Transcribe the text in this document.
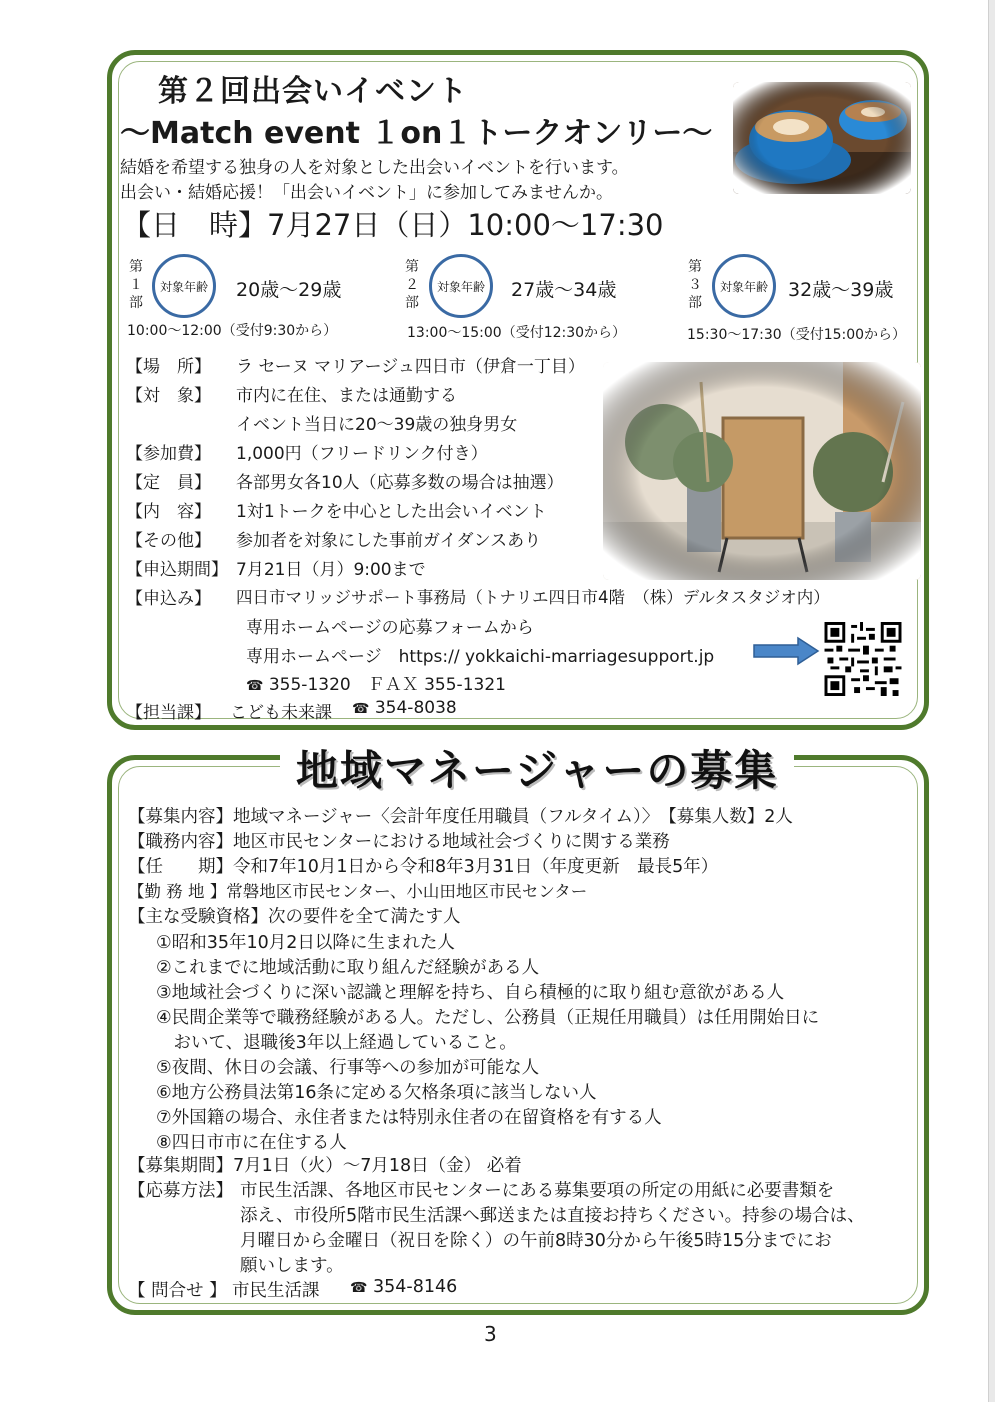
第２回出会いイベント
～Match event １on１トークオンリー～
結婚を希望する独身の人を対象とした出会いイベントを行います。
出会い・結婚応援！「出会いイベント」に参加してみませんか。
【日　時】7月27日（日）10:00～17:30
第１部
対象年齢	20歳～29歳
10:00～12:00（受付9:30から）
第２部
対象年齢	27歳～34歳
13:00～15:00（受付12:30から）
第３部
対象年齢	32歳～39歳
15:30～17:30（受付15:00から）
【場　所】 ラ セーヌ マリアージュ四日市（伊倉一丁目）
【対　象】 市内に在住、または通勤する
イベント当日に20～39歳の独身男女
【参加費】 1,000円（フリードリンク付き）
【定　員】 各部男女各10人（応募多数の場合は抽選）
【内　容】 1対1トークを中心とした出会いイベント
【その他】 参加者を対象にした事前ガイダンスあり
【申込期間】 7月21日（月）9:00まで
【申込み】 四日市マリッジサポート事務局（トナリエ四日市4階　（株）デルタスタジオ内）
専用ホームページの応募フォームから
専用ホームページ　https:// yokkaichi-marriagesupport.jp
☎ 355-1320　ＦＡＸ 355-1321
【担当課】 こども未来課 ☎ 354-8038
地域マネージャーの募集
【募集内容】地域マネージャー〈会計年度任用職員（フルタイム）〉　【募集人数】2人
【職務内容】地区市民センターにおける地域社会づくりに関する業務
【任　　期】令和7年10月1日から令和8年3月31日（年度更新　最長5年）
【勤 務 地 】常磐地区市民センター、小山田地区市民センター
【主な受験資格】次の要件を全て満たす人
①昭和35年10月2日以降に生まれた人
②これまでに地域活動に取り組んだ経験がある人
③地域社会づくりに深い認識と理解を持ち、自ら積極的に取り組む意欲がある人
④民間企業等で職務経験がある人。ただし、公務員（正規任用職員）は任用開始日に
　おいて、退職後3年以上経過していること。
⑤夜間、休日の会議、行事等への参加が可能な人
⑥地方公務員法第16条に定める欠格条項に該当しない人
⑦外国籍の場合、永住者または特別永住者の在留資格を有する人
⑧四日市市に在住する人
【募集期間】7月1日（火）～7月18日（金） 必着
【応募方法】 市民生活課、各地区市民センターにある募集要項の所定の用紙に必要書類を
添え、市役所5階市民生活課へ郵送または直接お持ちください。持参の場合は、
月曜日から金曜日（祝日を除く）の午前8時30分から午後5時15分までにお
願いします。
【 問合せ 】 市民生活課 ☎ 354-8146
3
